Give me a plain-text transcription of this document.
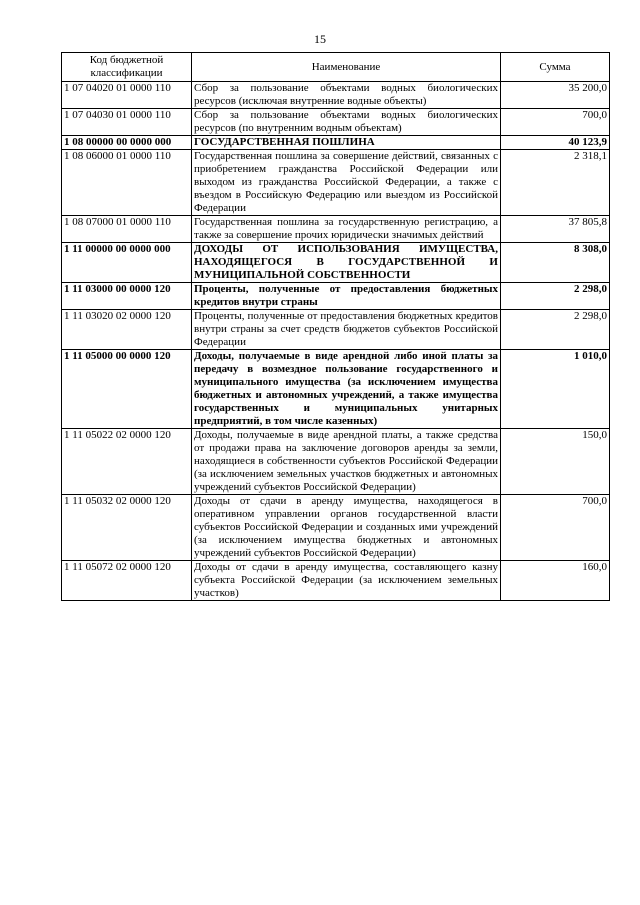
15
Код бюджетной классификации	Наименование	Сумма
1 07 04020 01 0000 110	Сбор за пользование объектами водных биологических ресурсов (исключая внутренние водные объекты)	35 200,0
1 07 04030 01 0000 110	Сбор за пользование объектами водных биологических ресурсов (по внутренним водным объектам)	700,0
1 08 00000 00 0000 000	ГОСУДАРСТВЕННАЯ ПОШЛИНА	40 123,9
1 08 06000 01 0000 110	Государственная пошлина за совершение действий, связанных с приобретением гражданства Российской Федерации или выходом из гражданства Российской Федерации, а также с въездом в Российскую Федерацию или выездом из Российской Федерации	2 318,1
1 08 07000 01 0000 110	Государственная пошлина за государственную регистрацию, а также за совершение прочих юридически значимых действий	37 805,8
1 11 00000 00 0000 000	ДОХОДЫ ОТ ИСПОЛЬЗОВАНИЯ ИМУЩЕСТВА, НАХОДЯЩЕГОСЯ В ГОСУДАРСТВЕННОЙ И МУНИЦИПАЛЬНОЙ СОБСТВЕННОСТИ	8 308,0
1 11 03000 00 0000 120	Проценты, полученные от предоставления бюджетных кредитов внутри страны	2 298,0
1 11 03020 02 0000 120	Проценты, полученные от предоставления бюджетных кредитов внутри страны за счет средств бюджетов субъектов Российской Федерации	2 298,0
1 11 05000 00 0000 120	Доходы, получаемые в виде арендной либо иной платы за передачу в возмездное пользование государственного и муниципального имущества (за исключением имущества бюджетных и автономных учреждений, а также имущества государственных и муниципальных унитарных предприятий, в том числе казенных)	1 010,0
1 11 05022 02 0000 120	Доходы, получаемые в виде арендной платы, а также средства от продажи права на заключение договоров аренды за земли, находящиеся в собственности субъектов Российской Федерации (за исключением земельных участков бюджетных и автономных учреждений субъектов Российской Федерации)	150,0
1 11 05032 02 0000 120	Доходы от сдачи в аренду имущества, находящегося в оперативном управлении органов государственной власти субъектов Российской Федерации и созданных ими учреждений (за исключением имущества бюджетных и автономных учреждений субъектов Российской Федерации)	700,0
1 11 05072 02 0000 120	Доходы от сдачи в аренду имущества, составляющего казну субъекта Российской Федерации (за исключением земельных участков)	160,0
